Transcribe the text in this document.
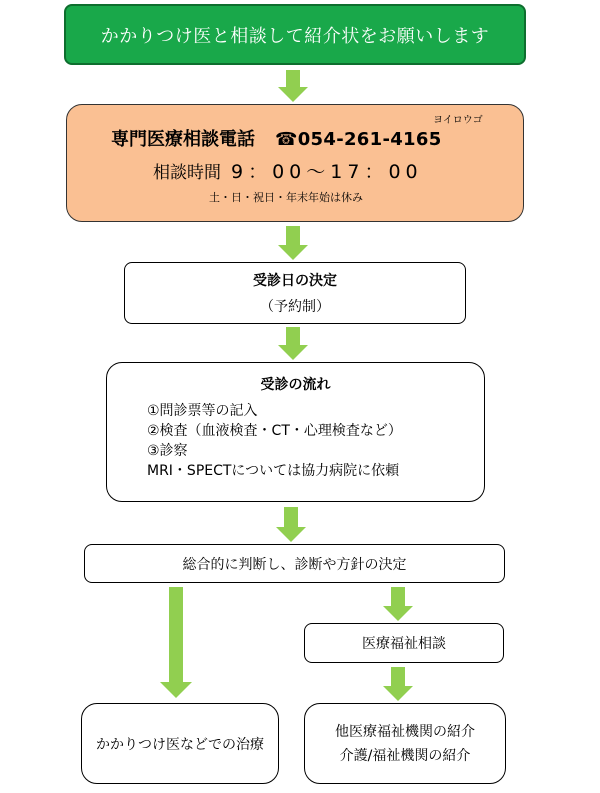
かかりつけ医と相談して紹介状をお願いします
ヨイロウゴ
専門医療相談電話 ☎054-261-4165
相談時間 9：00〜17：00
土・日・祝日・年末年始は休み
受診日の決定
（予約制）
受診の流れ
①問診票等の記入
②検査（血液検査・CT・心理検査など）
③診察
MRI・SPECTについては協力病院に依頼
総合的に判断し、診断や方針の決定
医療福祉相談
かかりつけ医などでの治療
他医療福祉機関の紹介
介護/福祉機関の紹介
